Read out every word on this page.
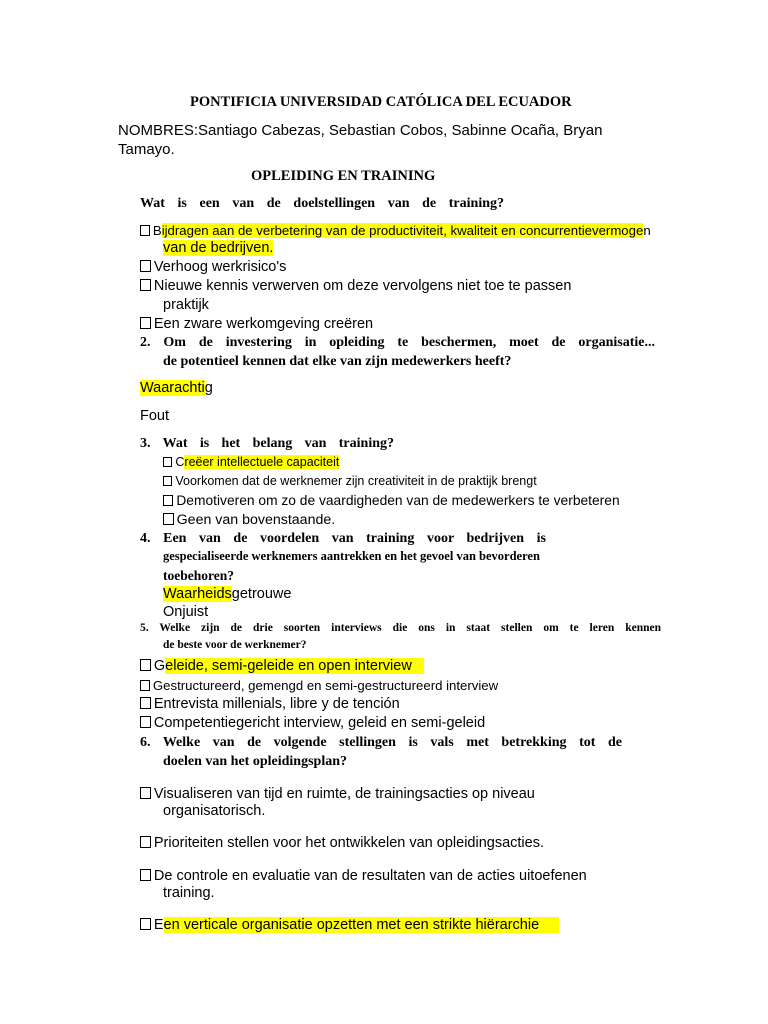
PONTIFICIA UNIVERSIDAD CATÓLICA DEL ECUADOR
NOMBRES:Santiago Cabezas, Sebastian Cobos, Sabinne Ocaña, Bryan
Tamayo.
OPLEIDING EN TRAINING
Wat is een van de doelstellingen van de training?
Bijdragen aan de verbetering van de productiviteit, kwaliteit en concurrentievermogen
van de bedrijven.
Verhoog werkrisico's
Nieuwe kennis verwerven om deze vervolgens niet toe te passen
praktijk
Een zware werkomgeving creëren
2. Om de investering in opleiding te beschermen, moet de organisatie...
de potentieel kennen dat elke van zijn medewerkers heeft?
Waarachtig
Fout
3. Wat is het belang van training?
Creëer intellectuele capaciteit
Voorkomen dat de werknemer zijn creativiteit in de praktijk brengt
Demotiveren om zo de vaardigheden van de medewerkers te verbeteren
Geen van bovenstaande.
4. Een van de voordelen van training voor bedrijven is
gespecialiseerde werknemers aantrekken en het gevoel van bevorderen
toebehoren?
Waarheidsgetrouwe
Onjuist
5. Welke zijn de drie soorten interviews die ons in staat stellen om te leren kennen
de beste voor de werknemer?
Geleide, semi-geleide en open interview
Gestructureerd, gemengd en semi-gestructureerd interview
Entrevista millenials, libre y de tención
Competentiegericht interview, geleid en semi-geleid
6. Welke van de volgende stellingen is vals met betrekking tot de
doelen van het opleidingsplan?
Visualiseren van tijd en ruimte, de trainingsacties op niveau
organisatorisch.
Prioriteiten stellen voor het ontwikkelen van opleidingsacties.
De controle en evaluatie van de resultaten van de acties uitoefenen
training.
Een verticale organisatie opzetten met een strikte hiërarchie
